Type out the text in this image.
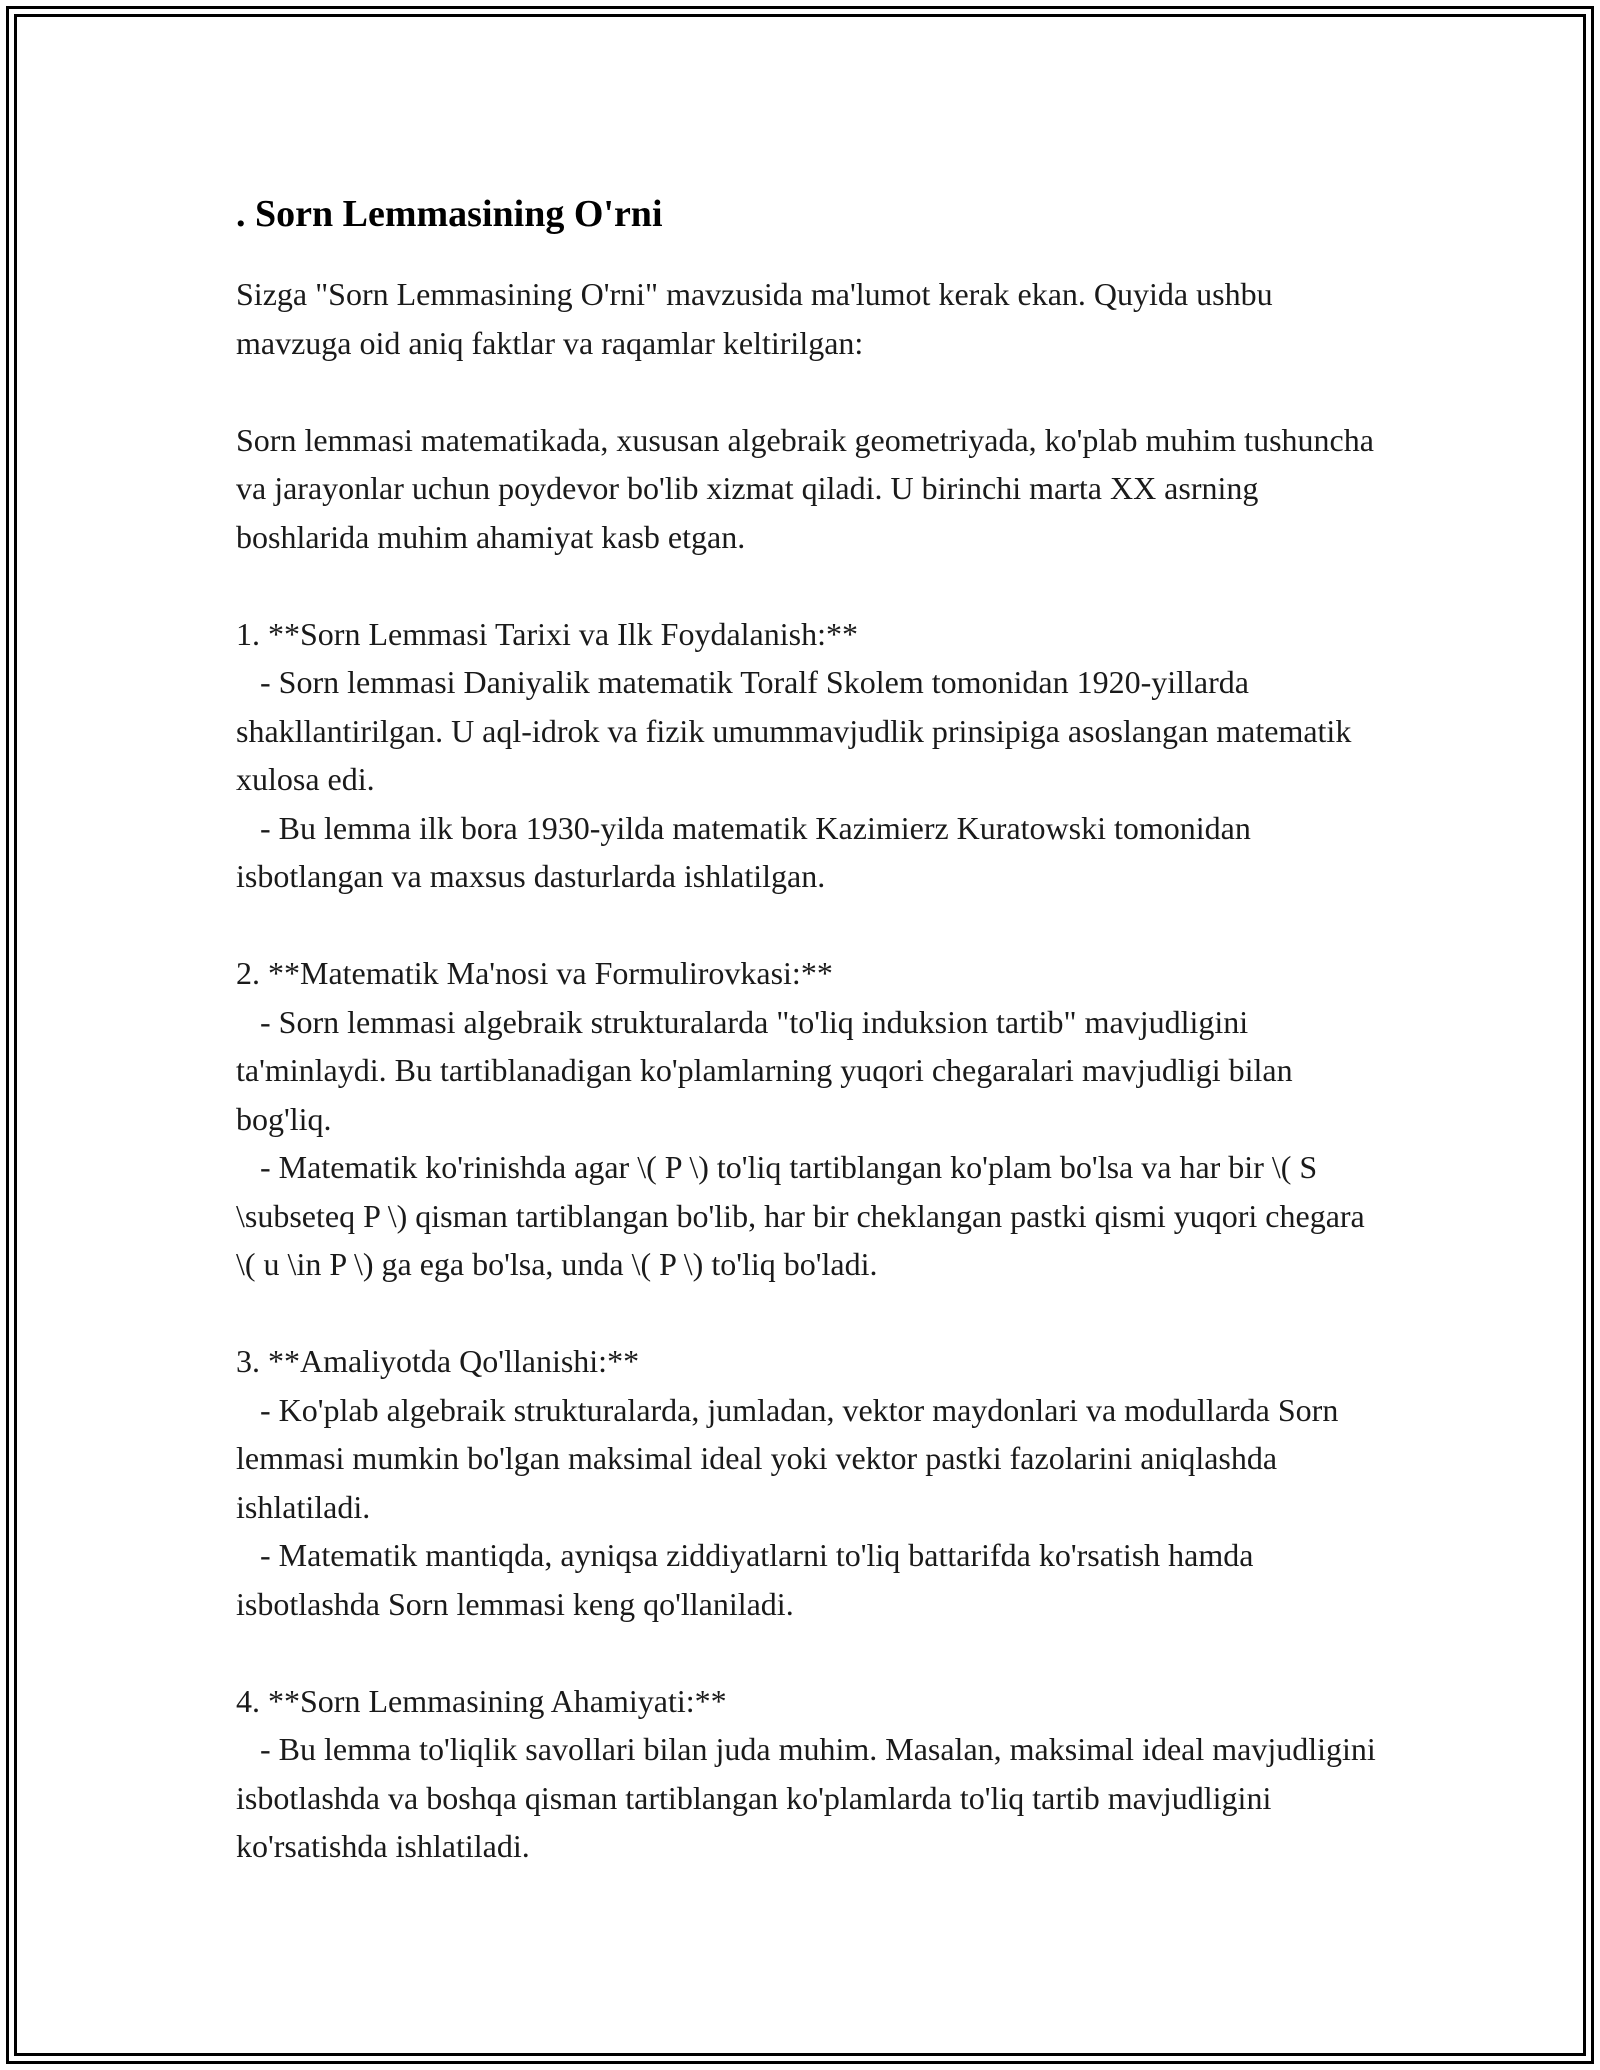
. Sorn Lemmasining O'rni

Sizga "Sorn Lemmasining O'rni" mavzusida ma'lumot kerak ekan. Quyida ushbu mavzuga oid aniq faktlar va raqamlar keltirilgan:

Sorn lemmasi matematikada, xususan algebraik geometriyada, ko'plab muhim tushuncha va jarayonlar uchun poydevor bo'lib xizmat qiladi. U birinchi marta XX asrning boshlarida muhim ahamiyat kasb etgan.

1. **Sorn Lemmasi Tarixi va Ilk Foydalanish:**
- Sorn lemmasi Daniyalik matematik Toralf Skolem tomonidan 1920-yillarda shakllantirilgan. U aql-idrok va fizik umummavjudlik prinsipiga asoslangan matematik xulosa edi.
- Bu lemma ilk bora 1930-yilda matematik Kazimierz Kuratowski tomonidan isbotlangan va maxsus dasturlarda ishlatilgan.

2. **Matematik Ma'nosi va Formulirovkasi:**
- Sorn lemmasi algebraik strukturalarda "to'liq induksion tartib" mavjudligini ta'minlaydi. Bu tartiblanadigan ko'plamlarning yuqori chegaralari mavjudligi bilan bog'liq.
- Matematik ko'rinishda agar \( P \) to'liq tartiblangan ko'plam bo'lsa va har bir \( S \subseteq P \) qisman tartiblangan bo'lib, har bir cheklangan pastki qismi yuqori chegara \( u \in P \) ga ega bo'lsa, unda \( P \) to'liq bo'ladi.

3. **Amaliyotda Qo'llanishi:**
- Ko'plab algebraik strukturalarda, jumladan, vektor maydonlari va modullarda Sorn lemmasi mumkin bo'lgan maksimal ideal yoki vektor pastki fazolarini aniqlashda ishlatiladi.
- Matematik mantiqda, ayniqsa ziddiyatlarni to'liq battarifda ko'rsatish hamda isbotlashda Sorn lemmasi keng qo'llaniladi.

4. **Sorn Lemmasining Ahamiyati:**
- Bu lemma to'liqlik savollari bilan juda muhim. Masalan, maksimal ideal mavjudligini isbotlashda va boshqa qisman tartiblangan ko'plamlarda to'liq tartib mavjudligini ko'rsatishda ishlatiladi.
